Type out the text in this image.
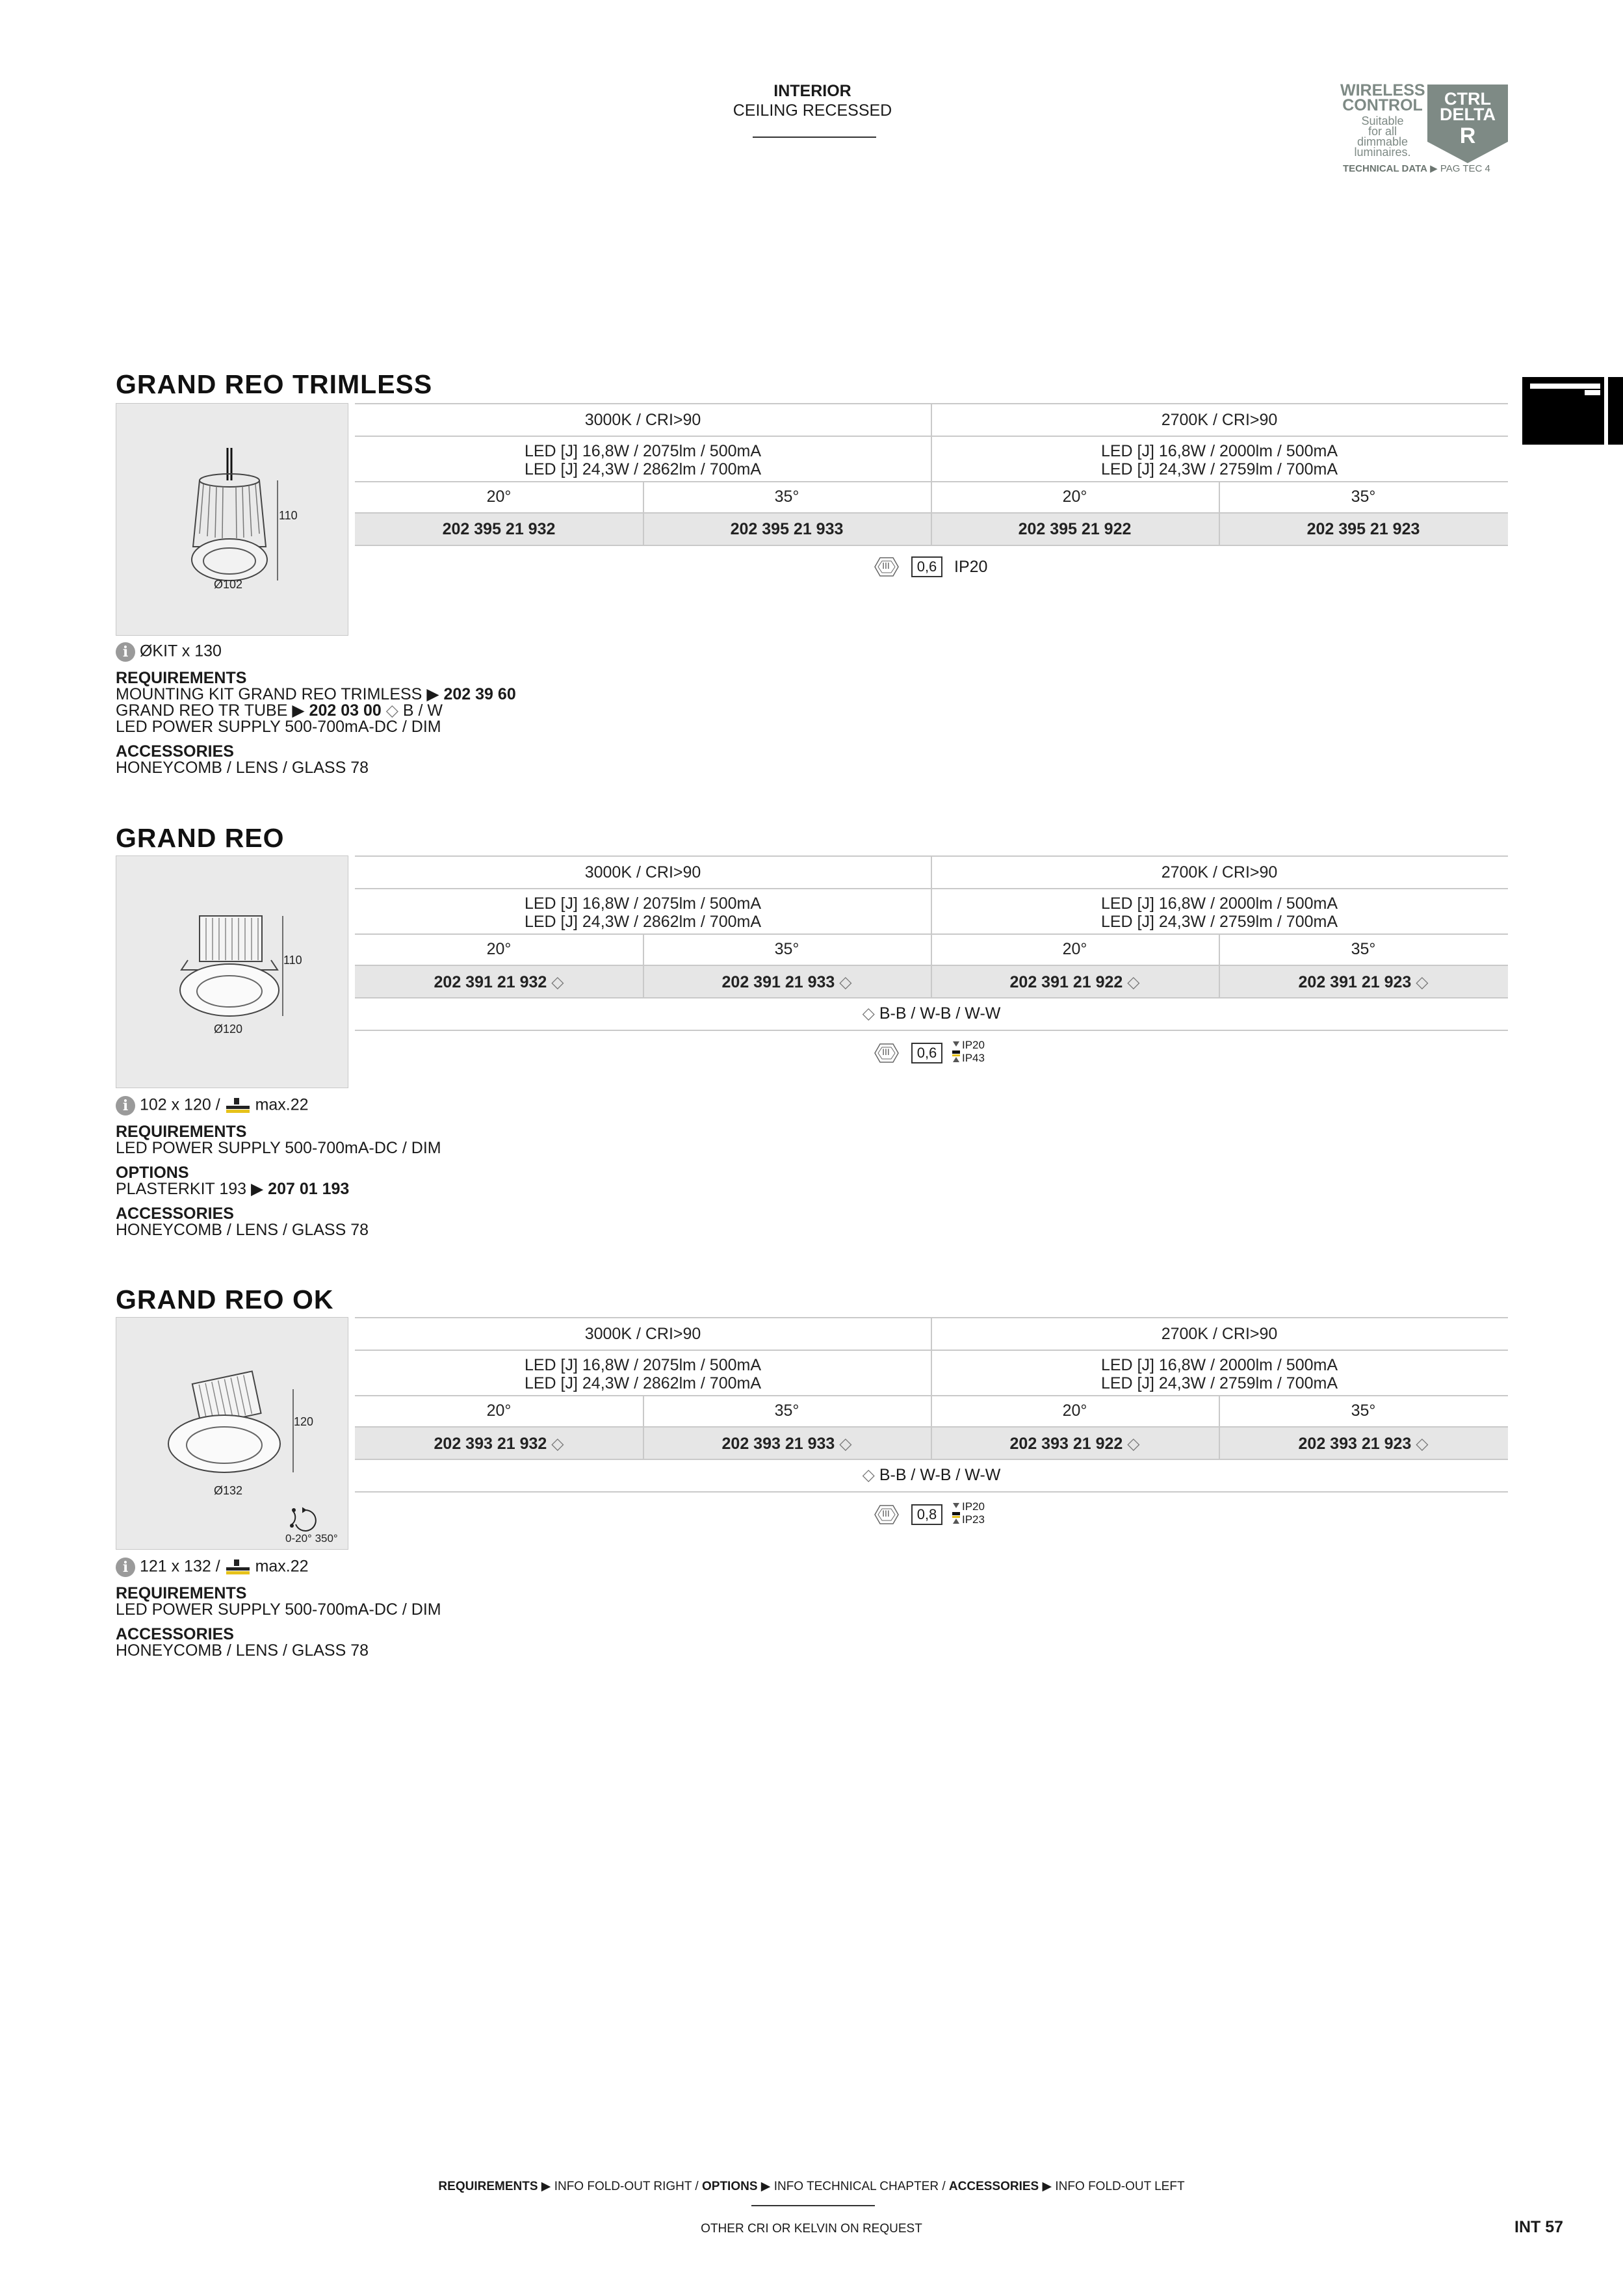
INTERIOR
CEILING RECESSED
WIRELESS
CONTROL
Suitable
for all
dimmable
luminaires.
CTRL
DELTA
R
TECHNICAL DATA ▶ PAG TEC 4
GRAND REO TRIMLESS
110
Ø102
3000K / CRI>90	2700K / CRI>90
LED [J] 16,8W / 2075lm / 500mA
LED [J] 24,3W / 2862lm / 700mA
LED [J] 16,8W / 2000lm / 500mA
LED [J] 24,3W / 2759lm / 700mA
20°	35°	20°	35°
202 395 21 932	202 395 21 933	202 395 21 922	202 395 21 923
III	0,6	IP20
i ØKIT x 130
REQUIREMENTS
MOUNTING KIT GRAND REO TRIMLESS ▶ 202 39 60
GRAND REO TR TUBE ▶ 202 03 00 ◇ B / W
LED POWER SUPPLY 500-700mA-DC / DIM
ACCESSORIES
HONEYCOMB / LENS / GLASS 78
GRAND REO
110
Ø120
3000K / CRI>90	2700K / CRI>90
LED [J] 16,8W / 2075lm / 500mA
LED [J] 24,3W / 2862lm / 700mA
LED [J] 16,8W / 2000lm / 500mA
LED [J] 24,3W / 2759lm / 700mA
20°	35°	20°	35°
202 391 21 932 ◇	202 391 21 933 ◇	202 391 21 922 ◇	202 391 21 923 ◇
◇ B-B / W-B / W-W
III	0,6	IP20
IP43
i 102 x 120 / max.22
REQUIREMENTS
LED POWER SUPPLY 500-700mA-DC / DIM
OPTIONS
PLASTERKIT 193 ▶ 207 01 193
ACCESSORIES
HONEYCOMB / LENS / GLASS 78
GRAND REO OK
120
Ø132
0-20° 350°
3000K / CRI>90	2700K / CRI>90
LED [J] 16,8W / 2075lm / 500mA
LED [J] 24,3W / 2862lm / 700mA
LED [J] 16,8W / 2000lm / 500mA
LED [J] 24,3W / 2759lm / 700mA
20°	35°	20°	35°
202 393 21 932 ◇	202 393 21 933 ◇	202 393 21 922 ◇	202 393 21 923 ◇
◇ B-B / W-B / W-W
III	0,8	IP20
IP23
i 121 x 132 / max.22
REQUIREMENTS
LED POWER SUPPLY 500-700mA-DC / DIM
ACCESSORIES
HONEYCOMB / LENS / GLASS 78
REQUIREMENTS ▶ INFO FOLD-OUT RIGHT / OPTIONS ▶ INFO TECHNICAL CHAPTER / ACCESSORIES ▶ INFO FOLD-OUT LEFT
OTHER CRI OR KELVIN ON REQUEST	INT 57
